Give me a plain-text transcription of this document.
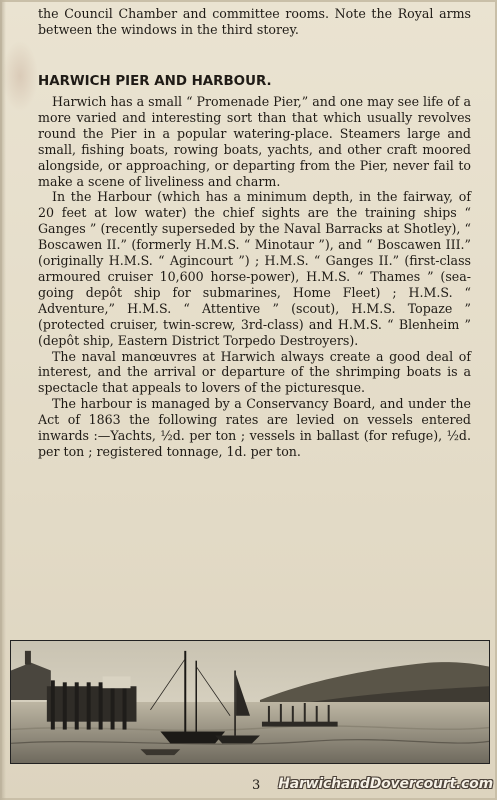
the Council Chamber and committee rooms. Note the Royal arms between the windows in the third storey.

HARWICH PIER AND HARBOUR.

Harwich has a small “ Promenade Pier,” and one may see life of a more varied and interesting sort than that which usually revolves round the Pier in a popular watering-place. Steamers large and small, fishing boats, rowing boats, yachts, and other craft moored alongside, or approaching, or departing from the Pier, never fail to make a scene of liveliness and charm.

In the Harbour (which has a minimum depth, in the fairway, of 20 feet at low water) the chief sights are the training ships “ Ganges ” (recently superseded by the Naval Barracks at Shotley), “ Boscawen II.” (formerly H.M.S. “ Minotaur ”), and “ Boscawen III.” (originally H.M.S. “ Agincourt ”) ; H.M.S. “ Ganges II.” (first-class armoured cruiser 10,600 horse-power), H.M.S. “ Thames ” (sea-going depôt ship for submarines, Home Fleet) ; H.M.S. “ Adventure,” H.M.S. “ Attentive ” (scout), H.M.S. Topaze ” (protected cruiser, twin-screw, 3rd-class) and H.M.S. “ Blenheim ” (depôt ship, Eastern District Torpedo Destroyers).

The naval manœuvres at Harwich always create a good deal of interest, and the arrival or departure of the shrimping boats is a spectacle that appeals to lovers of the picturesque.

The harbour is managed by a Conservancy Board, and under the Act of 1863 the following rates are levied on vessels entered inwards :—Yachts, ½d. per ton ; vessels in ballast (for refuge), ½d. per ton ; registered tonnage, 1d. per ton.

3 HarwichandDovercourt.com
